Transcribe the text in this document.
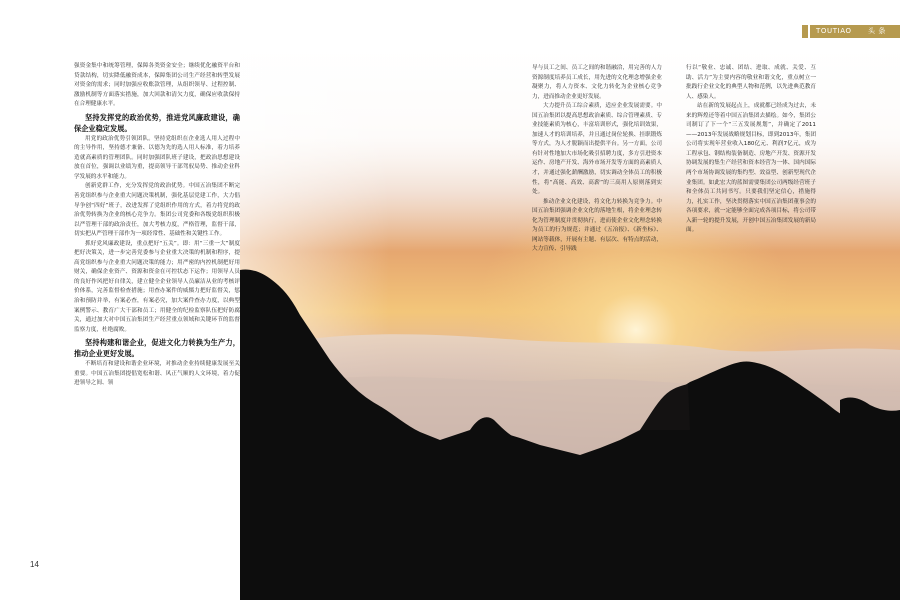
TOUTIAO 头 条

强资金集中和统筹管理，保障各类资金安全；继续优化融资平台和贷款结构，切实降低融资成本，保障集团公司生产经营和转型发展对资金的需求；同时加强应收账款管理，从组织领导、过程控制、激励机制等方面落实措施，加大回款和清欠力度，确保应收款保持在合理健康水平。

坚持发挥党的政治优势，推进党风廉政建设，确保企业稳定发展。

用党的政治优势引领团队。坚持党组织在企业选人用人过程中的主导作用，坚持德才兼备、以德为先的选人用人标准，着力培养造就高素质的管理团队。同时加强团队班子建设，把政治思想建设放在首位，强调以业绩为重，提高领导干部驾驭局势、推动企业科学发展的水平和能力。

创新党群工作，充分发挥党的政治优势。中国五冶集团不断完善党组织参与企业重大问题决策机制，强化基层党建工作，大力倡导争创“四好”班子，改进发挥了党组织作用的方式，着力将党的政治优势转换为企业的核心竞争力。集团公司党委和各级党组织积极以严管理干部的政治责任，加大考核力度，严格管理，监督干部，切实把从严管理干部作为一项经常性、基础性和关键性工作。

抓好党风廉政建设，重点把好“五关”。即：用“三重一大”制度把好决策关，进一步完善党委参与企业重大决策的机制和程序，提高党组织参与企业重大问题决策的能力；用严密的内控机制把好用财关，确保企业资产、资源和资金在可控状态下运作；用领导人员的良好作风把好自律关，建立健全企业领导人员廉洁从业的考核评价体系，完善监督检查措施；用查办案件的威慑力把好监督关，惩治和预防并举，有案必查，有案必究，加大案件查办力度，以典型案例警示、教育广大干部和员工；用健全的纪检监察队伍把好防腐关，通过加大对中国五冶集团生产经营重点领域和关键环节的监督监察力度，杜绝腐败。

坚持构建和谐企业，促进文化力转换为生产力，推动企业更好发展。

不断培育和建设和谐企业环境，对推动企业持续健康发展至关重要。中国五冶集团提倡宽松和谐、风正气顺的人文环境，着力促进领导之间、领

导与员工之间、员工之间的和谐融洽，用完善的人力资源制度培养员工成长，用先进的文化理念增强企业凝聚力，将人力资本、文化力转化为企业核心竞争力，进而推动企业更好发展。

大力提升员工综合素质，适应企业发展需要。中国五冶集团以提高思想政治素质、综合管理素质、专业技能素质为核心，丰富培训形式，强化培训效果，加速人才的培训培养，并且通过岗位轮换、挂职锻炼等方式，为人才脱颖而出提供平台。另一方面，公司有针对性地加大市场化吸引招聘力度，多方引进资本运作、房地产开发、海外市场开发等方面的高素质人才，并通过强化薪酬激励，切实调动全体员工的积极性，将“高能、高效、高薪”的三高用人原则落到实处。

推动企业文化建设，将文化力转换为竞争力。中国五冶集团强调企业文化的落地生根，将企业理念转化为管理制度并贯彻执行，进而使企业文化理念转换为员工的行为规范；并通过《五冶报》、《新坐标》、网站等载体，开展有主题、有层次、有特点的活动，大力宣传、引导践

行以“敬业、忠诚、团结、进取、成就、关爱、互助、活力”为主要内容的敬业和谐文化，重点树立一批践行企业文化的典型人物和范例，以先进典范教育人、感染人。

站在新的发展起点上，成就都已经成为过去，未来的辉煌还等着中国五冶集团去描绘。如今，集团公司制订了下一个“三五发展规划”，并确定了2011——2013年发展战略规划目标，即到2013年，集团公司将实现年营业收入180亿元、利润7亿元，成为工程承包、钢结构装备制造、房地产开发、资源开发协调发展的集生产经营和资本经营为一体、国内国际两个市场协调发展的集约型、效益型、创新型现代企业集团。如此宏大的蓝图需要集团公司两级经营班子和全体员工共同书写。只要我们坚定信心，措施得力，扎实工作，坚决贯彻落实中国五冶集团董事会的各项要求，就一定能够全面完成各项目标，将公司带入新一轮的提升发展，开创中国五冶集团发展的新局面。

14
